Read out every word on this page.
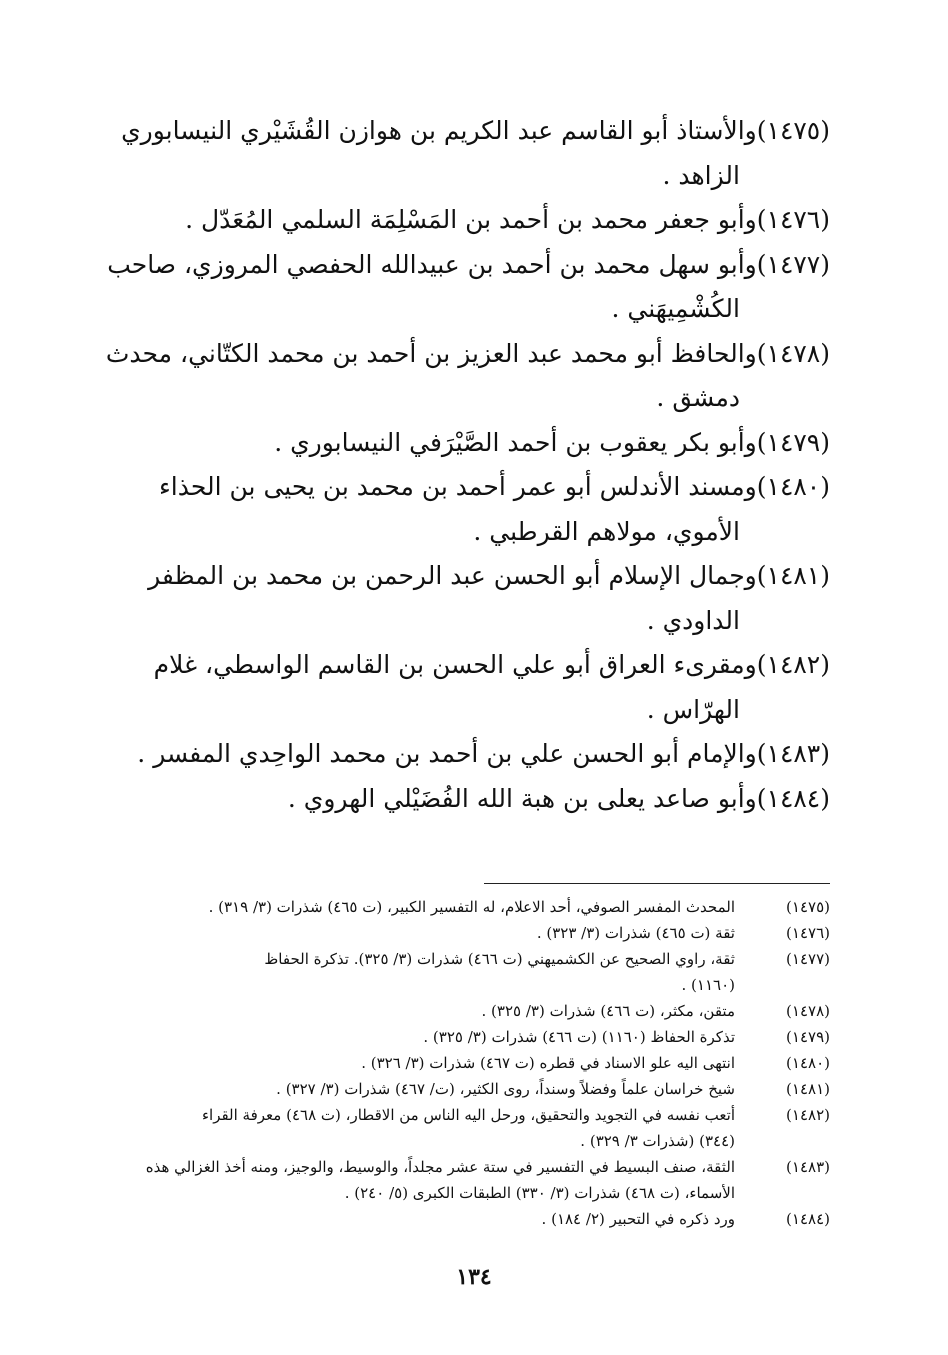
(١٤٧٥)والأستاذ أبو القاسم عبد الكريم بن هوازن القُشَيْري النيسابوري
الزاهد .
(١٤٧٦)وأبو جعفر محمد بن أحمد بن المَسْلِمَة السلمي المُعَدّل .
(١٤٧٧)وأبو سهل محمد بن أحمد بن عبيدالله الحفصي المروزي، صاحب
الكُشْمِيهَني .
(١٤٧٨)والحافظ أبو محمد عبد العزيز بن أحمد بن محمد الكتّاني، محدث
دمشق .
(١٤٧٩)وأبو بكر يعقوب بن أحمد الصَّيْرَفي النيسابوري .
(١٤٨٠)ومسند الأندلس أبو عمر أحمد بن محمد بن يحيى بن الحذاء
الأموي، مولاهم القرطبي .
(١٤٨١)وجمال الإسلام أبو الحسن عبد الرحمن بن محمد بن المظفر
الداودي .
(١٤٨٢)ومقرىء العراق أبو علي الحسن بن القاسم الواسطي، غلام
الهرّاس .
(١٤٨٣)والإمام أبو الحسن علي بن أحمد بن محمد الواحِدي المفسر .
(١٤٨٤)وأبو صاعد يعلى بن هبة الله الفُضَيْلي الهروي .
(١٤٧٥)
المحدث المفسر الصوفي، أحد الاعلام، له التفسير الكبير، (ت ٤٦٥) شذرات (٣/ ٣١٩) .
(١٤٧٦)
ثقة (ت ٤٦٥) شذرات (٣/ ٣٢٣) .
(١٤٧٧)
ثقة، راوي الصحيح عن الكشميهني (ت ٤٦٦) شذرات (٣/ ٣٢٥). تذكرة الحفاظ
(١١٦٠) .
(١٤٧٨)
متقن، مكثر، (ت ٤٦٦) شذرات (٣/ ٣٢٥) .
(١٤٧٩)
تذكرة الحفاظ (١١٦٠) (ت ٤٦٦) شذرات (٣/ ٣٢٥) .
(١٤٨٠)
انتهى اليه علو الاسناد في قطره (ت ٤٦٧) شذرات (٣/ ٣٢٦) .
(١٤٨١)
شيخ خراسان علماً وفضلاً وسنداً، روى الكثير، (ت/ ٤٦٧) شذرات (٣/ ٣٢٧) .
(١٤٨٢)
أتعب نفسه في التجويد والتحقيق، ورحل اليه الناس من الاقطار، (ت ٤٦٨) معرفة القراء
(٣٤٤) (شذرات ٣/ ٣٢٩) .
(١٤٨٣)
الثقة، صنف البسيط في التفسير في ستة عشر مجلداً، والوسيط، والوجيز، ومنه أخذ الغزالي هذه
الأسماء، (ت ٤٦٨) شذرات (٣/ ٣٣٠) الطبقات الكبرى (٥/ ٢٤٠) .
(١٤٨٤)
ورد ذكره في التحبير (٢/ ١٨٤) .
١٣٤
